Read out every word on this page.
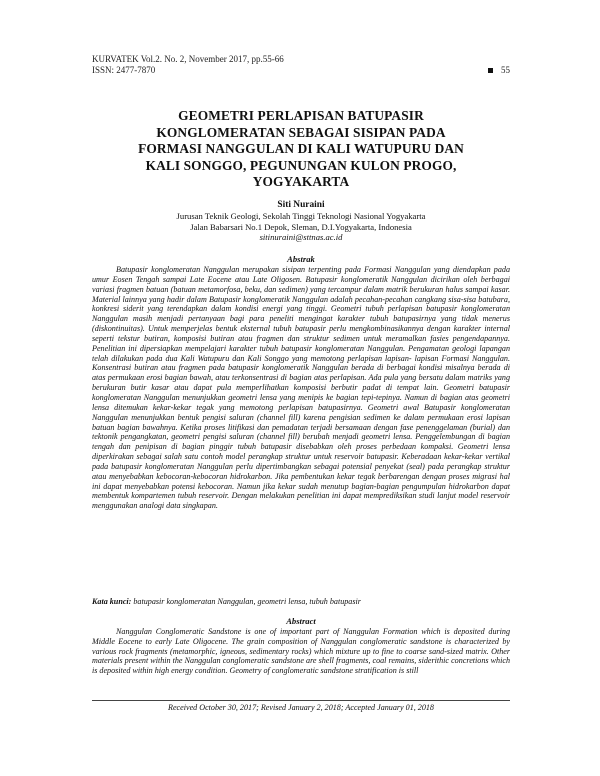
KURVATEK Vol.2. No. 2, November 2017, pp.55-66
ISSN: 2477-7870	55
GEOMETRI PERLAPISAN BATUPASIR
KONGLOMERATAN SEBAGAI SISIPAN PADA
FORMASI NANGGULAN DI KALI WATUPURU DAN
KALI SONGGO, PEGUNUNGAN KULON PROGO,
YOGYAKARTA
Siti Nuraini
Jurusan Teknik Geologi, Sekolah Tinggi Teknologi Nasional Yogyakarta
Jalan Babarsari No.1 Depok, Sleman, D.I.Yogyakarta, Indonesia
sitinuraini@sttnas.ac.id
Abstrak

Batupasir konglomeratan Nanggulan merupakan sisipan terpenting pada Formasi Nanggulan yang diendapkan pada umur Eosen Tengah sampai Late Eocene atau Late Oligosen. Batupasir konglomeratik Nanggulan dicirikan oleh berbagai variasi fragmen batuan (batuan metamorfosa, beku, dan sedimen) yang tercampur dalam matrik berukuran halus sampai kasar. Material lainnya yang hadir dalam Batupasir konglomeratik Nanggulan adalah pecahan-pecahan cangkang sisa-sisa batubara, konkresi siderit yang terendapkan dalam kondisi energi yang tinggi. Geometri tubuh perlapisan batupasir konglomeratan Nanggulan masih menjadi pertanyaan bagi para peneliti mengingat karakter tubuh batupasirnya yang tidak menerus (diskontinuitas). Untuk memperjelas bentuk eksternal tubuh batupasir perlu mengkombinasikannya dengan karakter internal seperti tekstur butiran, komposisi butiran atau fragmen dan struktur sedimen untuk meramalkan fasies pengendapannya. Penelitian ini dipersiapkan mempelajari karakter tubuh batupasir konglomeratan Nanggulan. Pengamatan geologi lapangan telah dilakukan pada dua Kali Watupuru dan Kali Songgo yang memotong perlapisan lapisan- lapisan Formasi Nanggulan. Konsentrasi butiran atau fragmen pada batupasir konglomeratik Nanggulan berada di berbagai kondisi misalnya berada di atas permukaan erosi bagian bawah, atau terkonsentrasi di bagian atas perlapisan. Ada pula yang bersatu dalam matriks yang berukuran butir kasar atau dapat pula memperlihatkan komposisi berbutir padat di tempat lain. Geometri batupasir konglomeratan Nanggulan menunjukkan geometri lensa yang menipis ke bagian tepi-tepinya. Namun di bagian atas geometri lensa ditemukan kekar-kekar tegak yang memotong perlapisan batupasirnya. Geometri awal Batupasir konglomeratan Nanggulan menunjukkan bentuk pengisi saluran (channel fill) karena pengisian sedimen ke dalam permukaan erosi lapisan batuan bagian bawahnya. Ketika proses litifikasi dan pemadatan terjadi bersamaan dengan fase penenggelaman (burial) dan tektonik pengangkatan, geometri pengisi saluran (channel fill) berubah menjadi geometri lensa. Penggelembungan di bagian tengah dan penipisan di bagian pinggir tubuh batupasir disebabkan oleh proses perbedaan kompaksi. Geometri lensa diperkirakan sebagai salah satu contoh model perangkap struktur untuk reservoir batupasir. Keberadaan kekar-kekar vertikal pada batupasir konglomeratan Nanggulan perlu dipertimbangkan sebagai potensial penyekat (seal) pada perangkap struktur atau menyebabkan kebocoran-kebocoran hidrokarbon. Jika pembentukan kekar tegak berbarengan dengan proses migrasi hal ini dapat menyebabkan potensi kebocoran. Namun jika kekar sudah menutup bagian-bagian pengumpulan hidrokarbon dapat membentuk kompartemen tubuh reservoir. Dengan melakukan penelitian ini dapat memprediksikan studi lanjut model reservoir menggunakan analogi data singkapan.

Kata kunci: batupasir konglomeratan Nanggulan, geometri lensa, tubuh batupasir
Abstract

Nanggulan Conglomeratic Sandstone is one of important part of Nanggulan Formation which is deposited during Middle Eocene to early Late Oligocene. The grain composition of Nanggulan conglomeratic sandstone is characterized by various rock fragments (metamorphic, igneous, sedimentary rocks) which mixture up to fine to coarse sand-sized matrix. Other materials present within the Nanggulan conglomeratic sandstone are shell fragments, coal remains, siderithic concretions which is deposited within high energy condition. Geometry of conglomeratic sandstone stratification is still

Received October 30, 2017; Revised January 2, 2018; Accepted January 01, 2018
